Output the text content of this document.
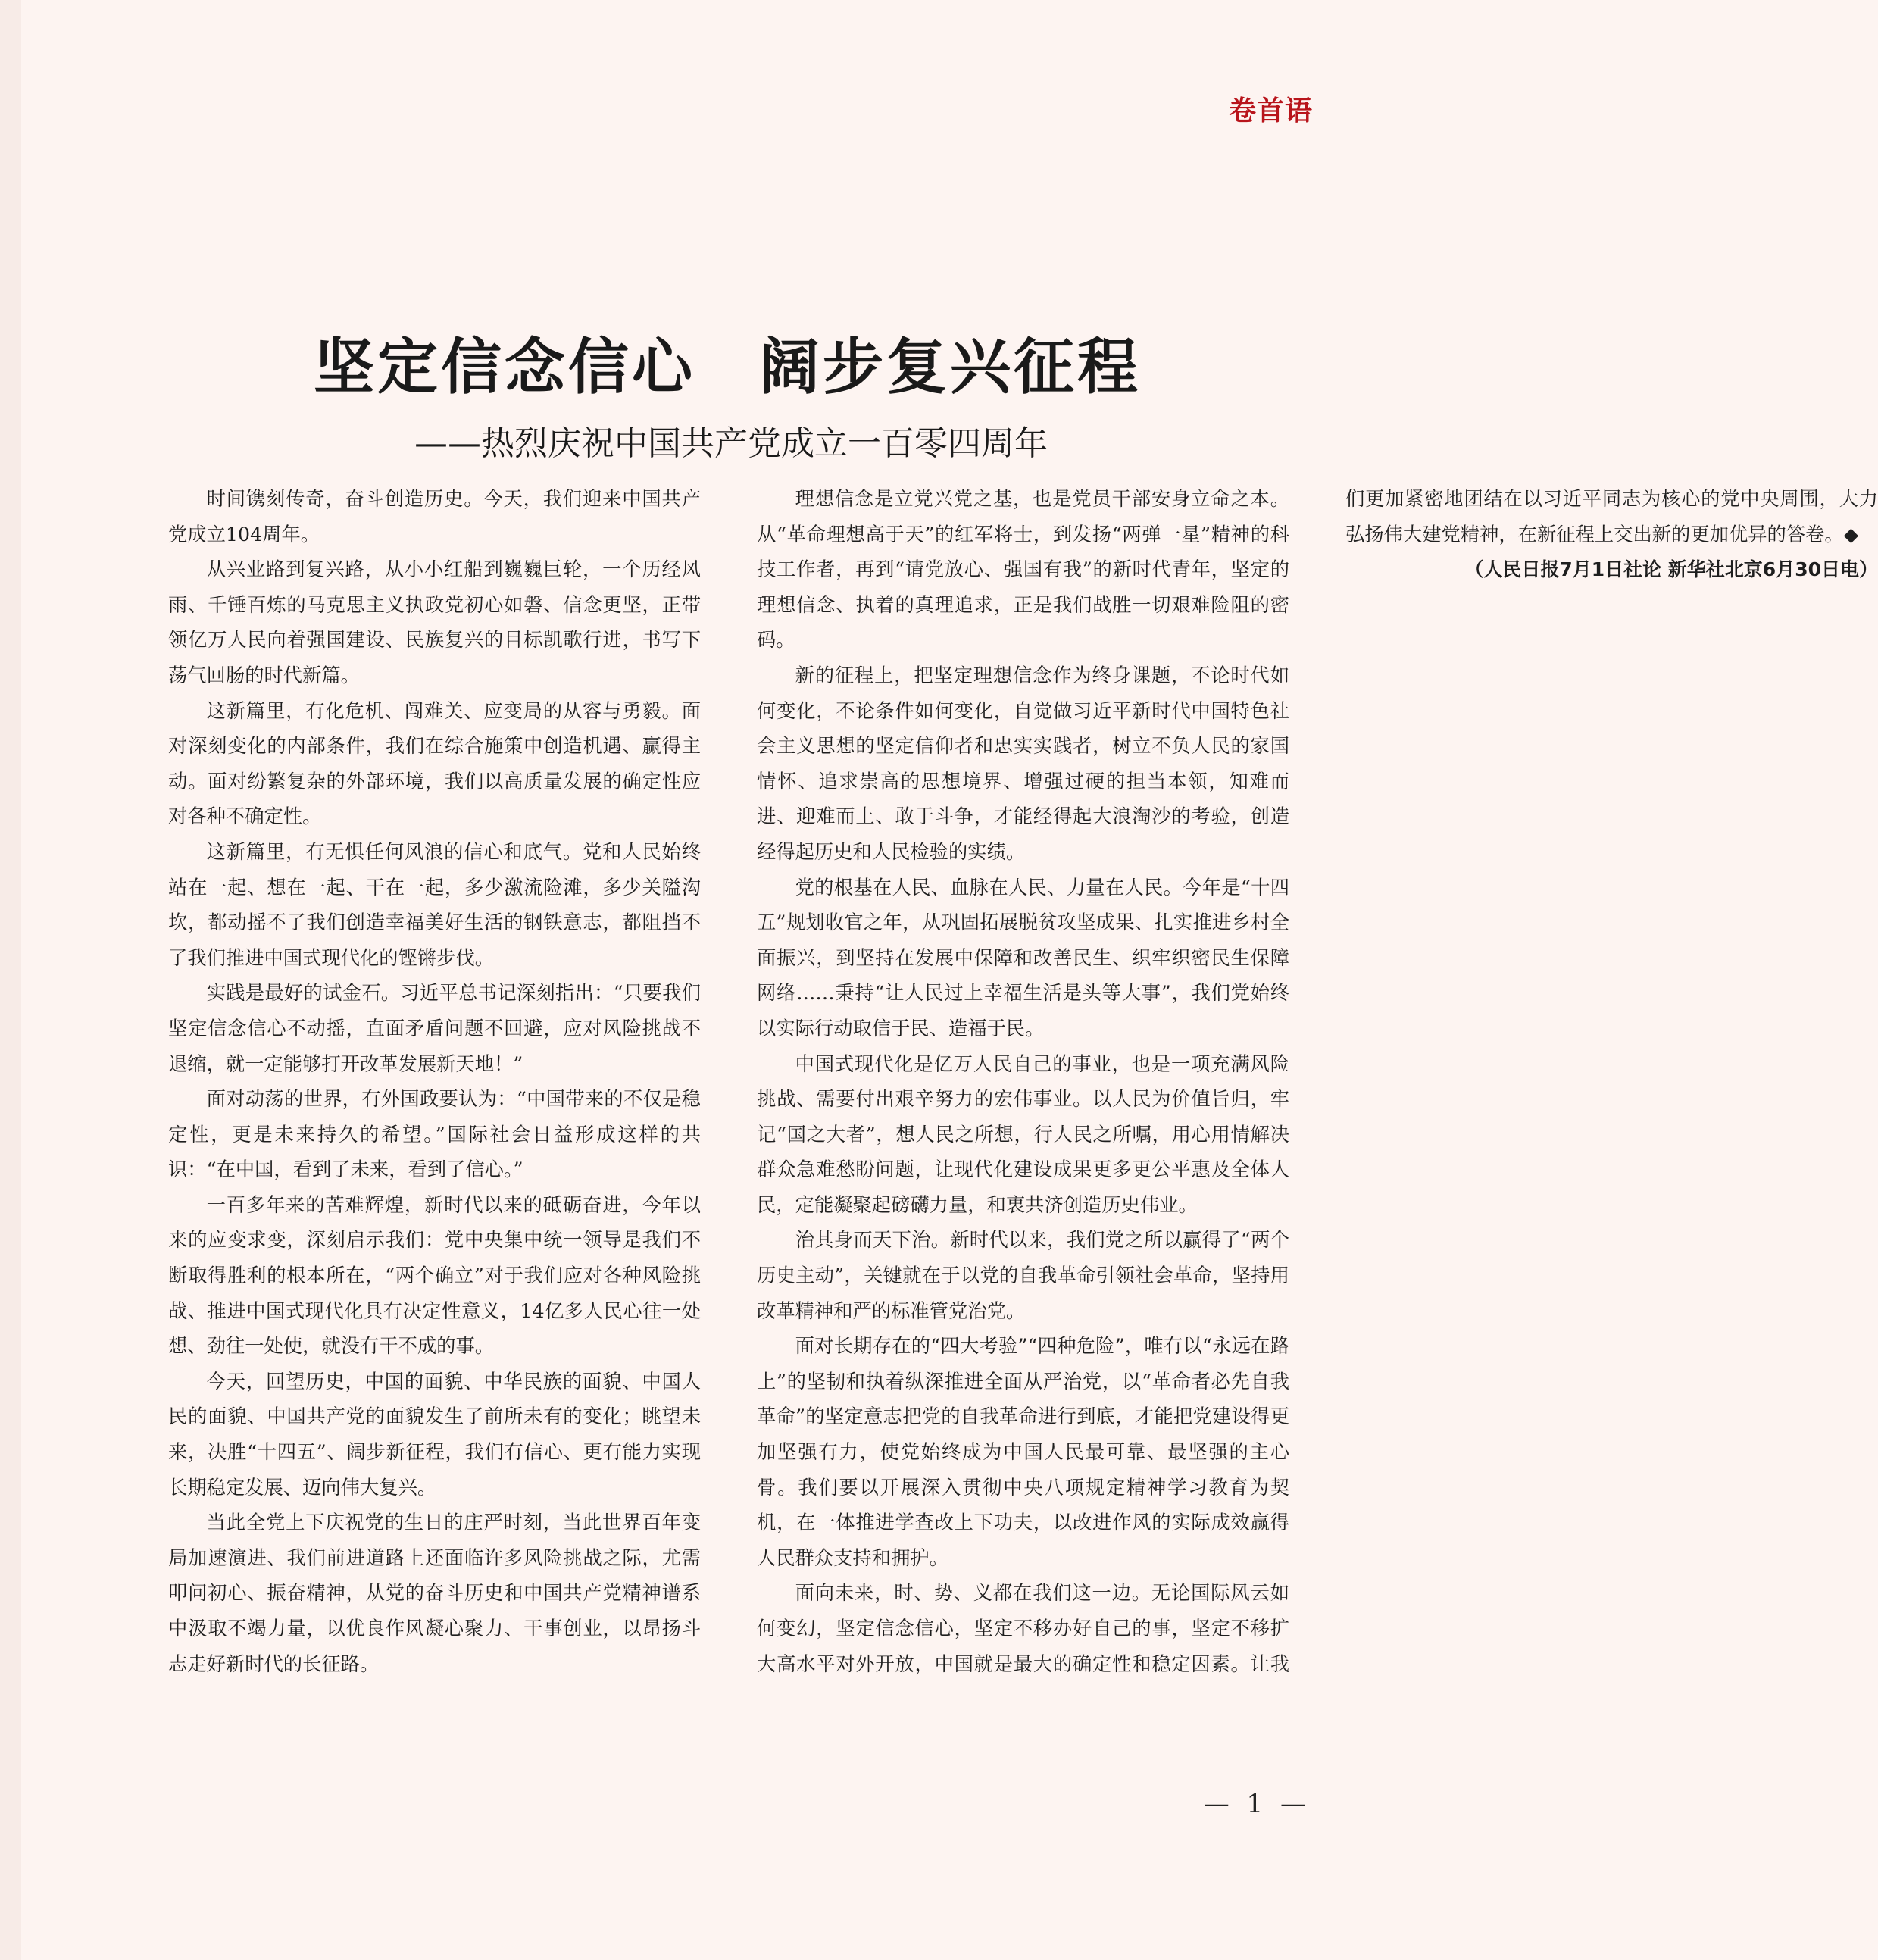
卷首语
坚定信念信心　阔步复兴征程
——热烈庆祝中国共产党成立一百零四周年

时间镌刻传奇，奋斗创造历史。今天，我们迎来中国共产党成立104周年。

从兴业路到复兴路，从小小红船到巍巍巨轮，一个历经风雨、千锤百炼的马克思主义执政党初心如磐、信念更坚，正带领亿万人民向着强国建设、民族复兴的目标凯歌行进，书写下荡气回肠的时代新篇。

这新篇里，有化危机、闯难关、应变局的从容与勇毅。面对深刻变化的内部条件，我们在综合施策中创造机遇、赢得主动。面对纷繁复杂的外部环境，我们以高质量发展的确定性应对各种不确定性。

这新篇里，有无惧任何风浪的信心和底气。党和人民始终站在一起、想在一起、干在一起，多少激流险滩，多少关隘沟坎，都动摇不了我们创造幸福美好生活的钢铁意志，都阻挡不了我们推进中国式现代化的铿锵步伐。

实践是最好的试金石。习近平总书记深刻指出：“只要我们坚定信念信心不动摇，直面矛盾问题不回避，应对风险挑战不退缩，就一定能够打开改革发展新天地！”

面对动荡的世界，有外国政要认为：“中国带来的不仅是稳定性，更是未来持久的希望。”国际社会日益形成这样的共识：“在中国，看到了未来，看到了信心。”

一百多年来的苦难辉煌，新时代以来的砥砺奋进，今年以来的应变求变，深刻启示我们：党中央集中统一领导是我们不断取得胜利的根本所在，“两个确立”对于我们应对各种风险挑战、推进中国式现代化具有决定性意义，14亿多人民心往一处想、劲往一处使，就没有干不成的事。

今天，回望历史，中国的面貌、中华民族的面貌、中国人民的面貌、中国共产党的面貌发生了前所未有的变化；眺望未来，决胜“十四五”、阔步新征程，我们有信心、更有能力实现长期稳定发展、迈向伟大复兴。

当此全党上下庆祝党的生日的庄严时刻，当此世界百年变局加速演进、我们前进道路上还面临许多风险挑战之际，尤需叩问初心、振奋精神，从党的奋斗历史和中国共产党精神谱系中汲取不竭力量，以优良作风凝心聚力、干事创业，以昂扬斗志走好新时代的长征路。

理想信念是立党兴党之基，也是党员干部安身立命之本。从“革命理想高于天”的红军将士，到发扬“两弹一星”精神的科技工作者，再到“请党放心、强国有我”的新时代青年，坚定的理想信念、执着的真理追求，正是我们战胜一切艰难险阻的密码。

新的征程上，把坚定理想信念作为终身课题，不论时代如何变化，不论条件如何变化，自觉做习近平新时代中国特色社会主义思想的坚定信仰者和忠实实践者，树立不负人民的家国情怀、追求崇高的思想境界、增强过硬的担当本领，知难而进、迎难而上、敢于斗争，才能经得起大浪淘沙的考验，创造经得起历史和人民检验的实绩。

党的根基在人民、血脉在人民、力量在人民。今年是“十四五”规划收官之年，从巩固拓展脱贫攻坚成果、扎实推进乡村全面振兴，到坚持在发展中保障和改善民生、织牢织密民生保障网络……秉持“让人民过上幸福生活是头等大事”，我们党始终以实际行动取信于民、造福于民。

中国式现代化是亿万人民自己的事业，也是一项充满风险挑战、需要付出艰辛努力的宏伟事业。以人民为价值旨归，牢记“国之大者”，想人民之所想，行人民之所嘱，用心用情解决群众急难愁盼问题，让现代化建设成果更多更公平惠及全体人民，定能凝聚起磅礴力量，和衷共济创造历史伟业。

治其身而天下治。新时代以来，我们党之所以赢得了“两个历史主动”，关键就在于以党的自我革命引领社会革命，坚持用改革精神和严的标准管党治党。

面对长期存在的“四大考验”“四种危险”，唯有以“永远在路上”的坚韧和执着纵深推进全面从严治党，以“革命者必先自我革命”的坚定意志把党的自我革命进行到底，才能把党建设得更加坚强有力，使党始终成为中国人民最可靠、最坚强的主心骨。我们要以开展深入贯彻中央八项规定精神学习教育为契机，在一体推进学查改上下功夫，以改进作风的实际成效赢得人民群众支持和拥护。

面向未来，时、势、义都在我们这一边。无论国际风云如何变幻，坚定信念信心，坚定不移办好自己的事，坚定不移扩大高水平对外开放，中国就是最大的确定性和稳定因素。让我们更加紧密地团结在以习近平同志为核心的党中央周围，大力弘扬伟大建党精神，在新征程上交出新的更加优异的答卷。◆

（人民日报7月1日社论 新华社北京6月30日电）

— 1 —
